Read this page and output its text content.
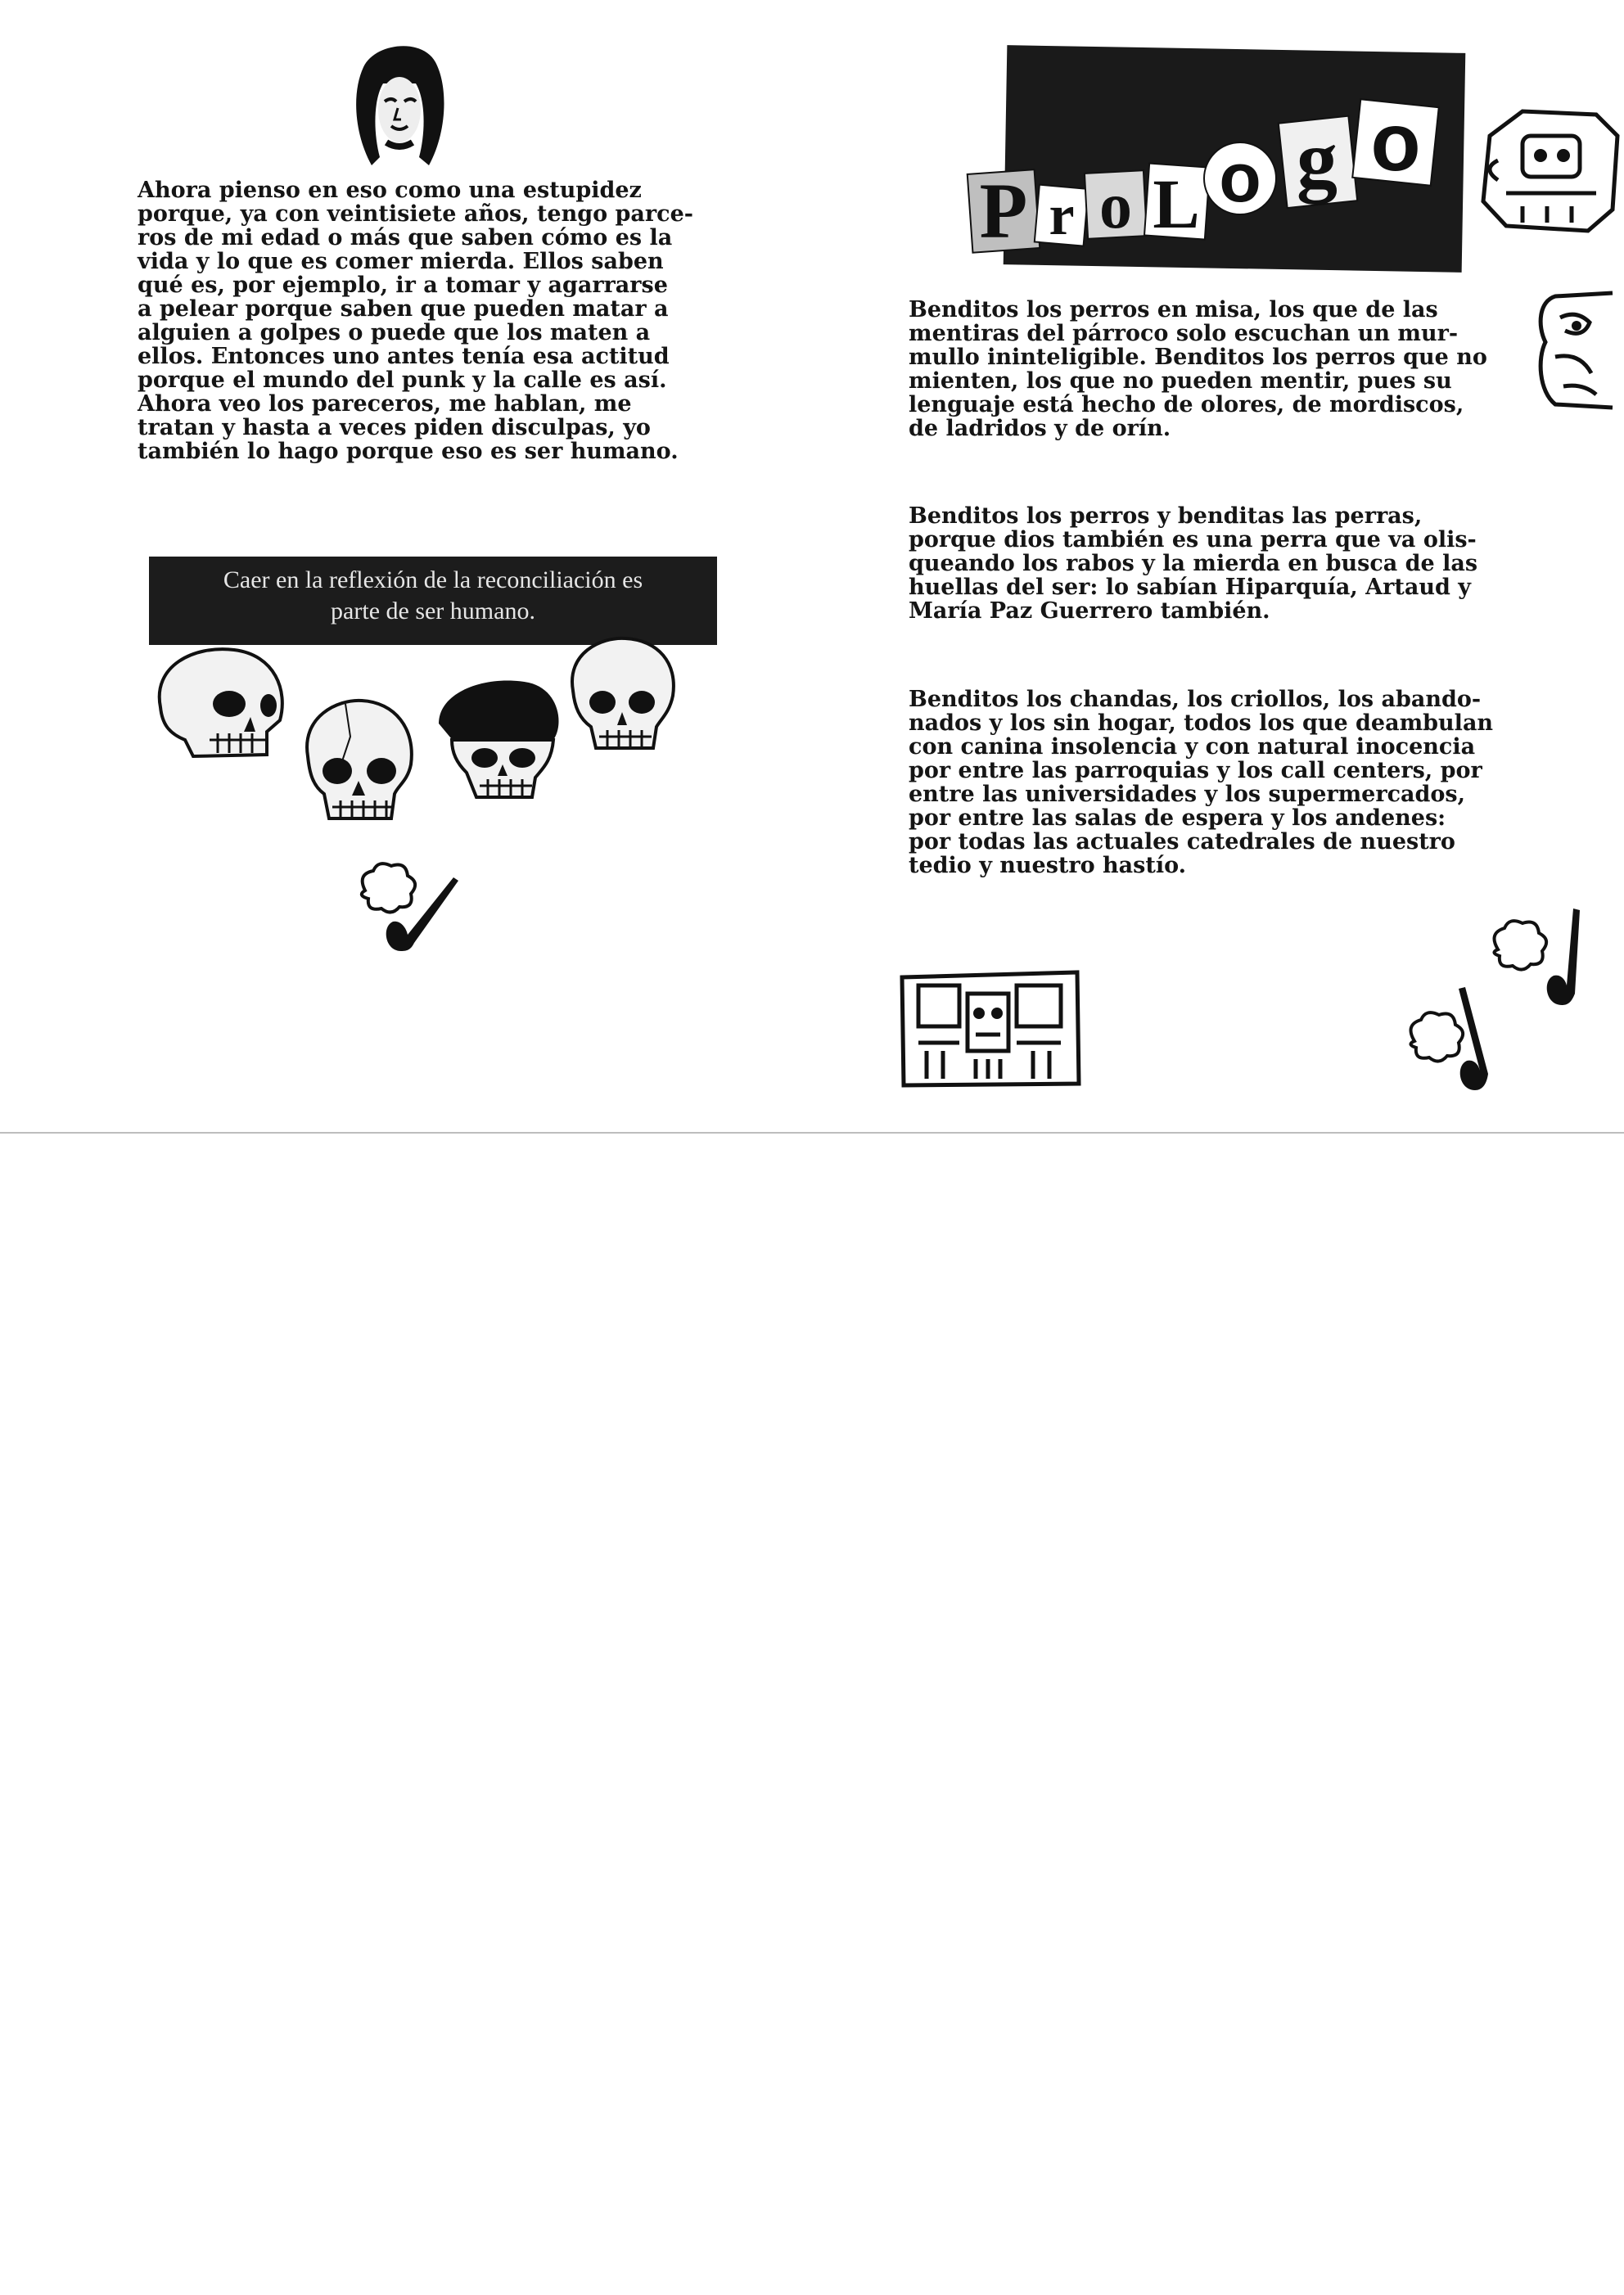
Ahora pienso en eso como una estupidez
porque, ya con veintisiete años, tengo parce-
ros de mi edad o más que saben cómo es la
vida y lo que es comer mierda. Ellos saben
qué es, por ejemplo, ir a tomar y agarrarse
a pelear porque saben que pueden matar a
alguien a golpes o puede que los maten a
ellos. Entonces uno antes tenía esa actitud
porque el mundo del punk y la calle es así.
Ahora veo los pareceros, me hablan, me
tratan y hasta a veces piden disculpas, yo
también lo hago porque eso es ser humano.

Caer en la reflexión de la reconciliación es
parte de ser humano.
P r o L o g o

Benditos los perros en misa, los que de las
mentiras del párroco solo escuchan un mur-
mullo ininteligible. Benditos los perros que no
mienten, los que no pueden mentir, pues su
lenguaje está hecho de olores, de mordiscos,
de ladridos y de orín.

Benditos los perros y benditas las perras,
porque dios también es una perra que va olis-
queando los rabos y la mierda en busca de las
huellas del ser: lo sabían Hiparquía, Artaud y
María Paz Guerrero también.

Benditos los chandas, los criollos, los abando-
nados y los sin hogar, todos los que deambulan
con canina insolencia y con natural inocencia
por entre las parroquias y los call centers, por
entre las universidades y los supermercados,
por entre las salas de espera y los andenes:
por todas las actuales catedrales de nuestro
tedio y nuestro hastío.
